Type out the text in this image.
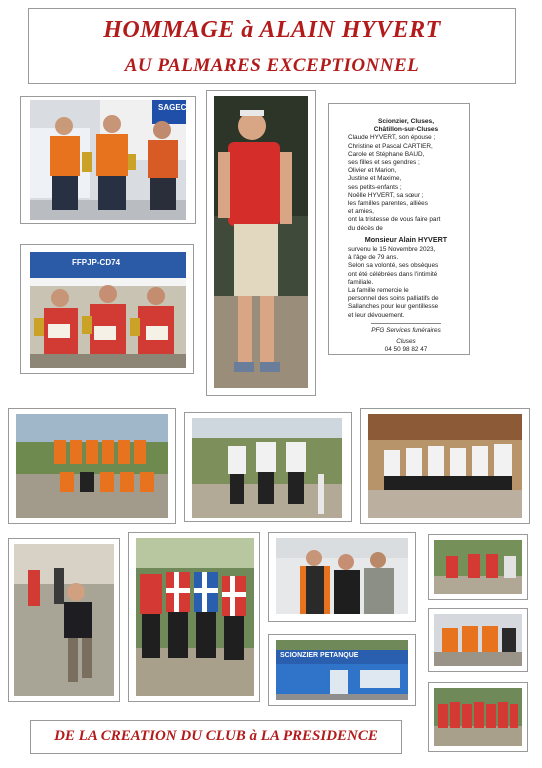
HOMMAGE à ALAIN HYVERT
AU PALMARES EXCEPTIONNEL
SAGEC
Scionzier, Cluses,
Châtillon-sur-Cluses
Claude HYVERT, son épouse ;
Christine et Pascal CARTIER,
Carole et Stéphane BAUD,
ses filles et ses gendres ;
Olivier et Marion,
Justine et Maxime,
ses petits-enfants ;
Noëlle HYVERT, sa sœur ;
les familles parentes, alliées
et amies,
ont la tristesse de vous faire part
du décès de
Monsieur Alain HYVERT
survenu le 15 Novembre 2023,
à l'âge de 79 ans.
Selon sa volonté, ses obsèques
ont été célébrées dans l'intimité
familiale.
La famille remercie le
personnel des soins palliatifs de
Sallanches pour leur gentillesse
et leur dévouement.
PFG Services funéraires
Cluses
04 50 98 82 47
FFPJP-CD74
SCIONZIER PETANQUE
DE LA CREATION DU CLUB à LA PRESIDENCE
